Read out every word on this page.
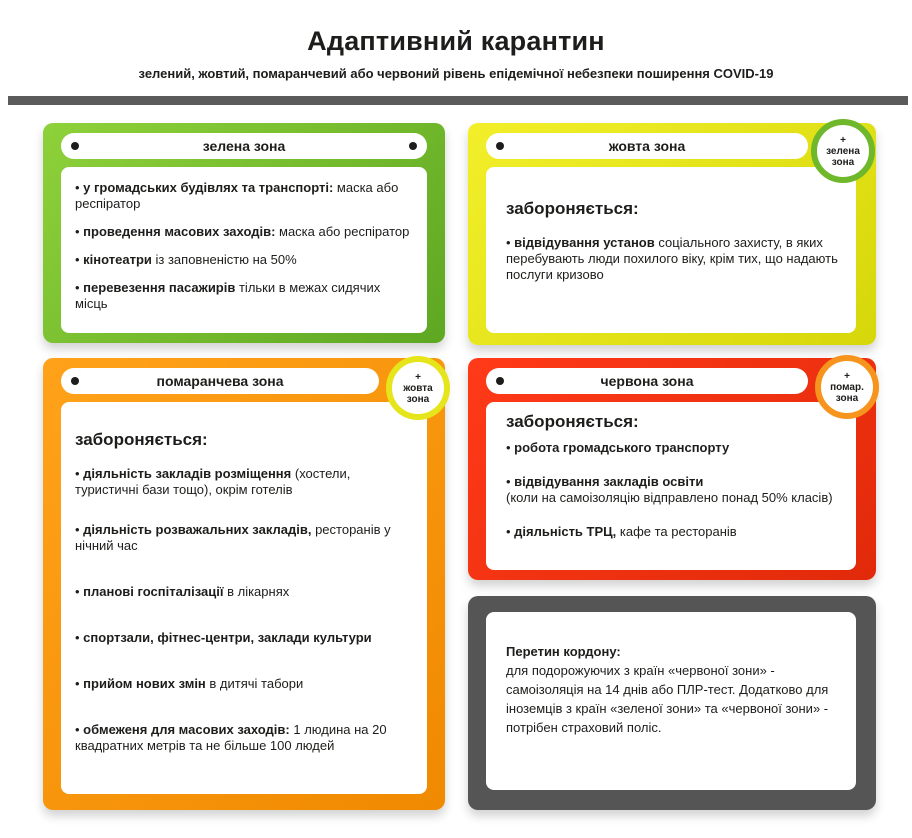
Адаптивний карантин
зелений, жовтий, помаранчевий або червоний рівень епідемічної небезпеки поширення COVID-19
зелена зона

• у громадських будівлях та транспорті: маска або респіратор

• проведення масових заходів: маска або респіратор

• кінотеатри із заповненістю на 50%

• перевезення пасажирів тільки в межах сидячих місць

жовта зона
забороняється:

• відвідування установ соціального захисту, в яких перебувають люди похилого віку, крім тих, що надають послуги кризово

+
зелена
зона
помаранчева зона
забороняється:

• діяльність закладів розміщення (хостели, туристичні бази тощо), окрім готелів

• діяльність розважальних закладів, ресторанів у нічний час

• планові госпіталізації в лікарнях

• спортзали, фітнес-центри, заклади культури

• прийом нових змін в дитячі табори

• обмеженя для масових заходів: 1 людина на 20 квадратних метрів та не більше 100 людей

+
жовта
зона
червона зона
забороняється:

• робота громадського транспорту

• відвідування закладів освіти
(коли на самоізоляцію відправлено понад 50% класів)

• діяльність ТРЦ, кафе та ресторанів

+
помар.
зона
Перетин кордону:
для подорожуючих з країн «червоної зони» - самоізоляція на 14 днів або ПЛР-тест. Додатково для іноземців з країн «зеленої зони» та «червоної зони» - потрібен страховий поліс.
